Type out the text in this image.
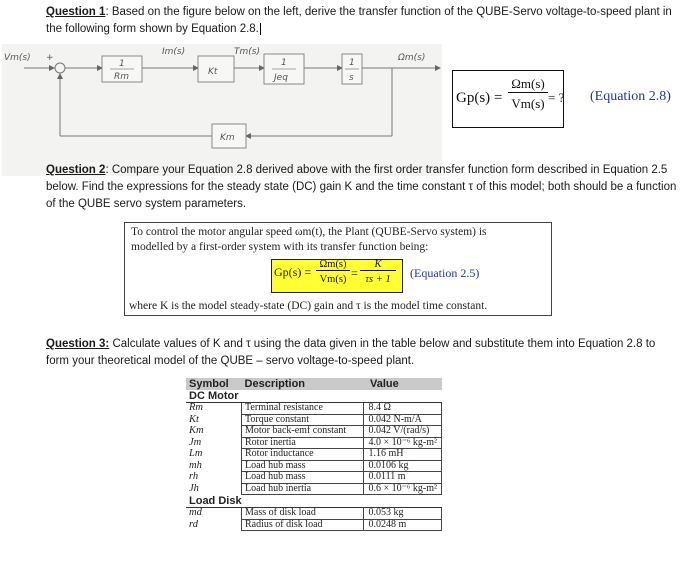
Question 1: Based on the figure below on the left, derive the transfer function of the QUBE-Servo voltage-to-speed plant in the following form shown by Equation 2.8.
Vm(s) +
1
Rm
Im(s)
Kt
Tm(s)
1
Jeq
1
s
Ωm(s)
Km
Gp(s) =
Ωm(s)
Vm(s) = ? (Equation 2.8)
Question 2: Compare your Equation 2.8 derived above with the first order transfer function form described in Equation 2.5 below. Find the expressions for the steady state (DC) gain K and the time constant τ of this model; both should be a function of the QUBE servo system parameters.
To control the motor angular speed ωm(t), the Plant (QUBE-Servo system) is
modelled by a first-order system with its transfer function being:
where K is the model steady-state (DC) gain and τ is the model time constant.
Gp(s) =
Ωm(s)
Vm(s) =
K
τs + 1	(Equation 2.5)
Question 3: Calculate values of K and τ using the data given in the table below and substitute them into Equation 2.8 to form your theoretical model of the QUBE – servo voltage-to-speed plant.
Symbol	Description	Value
DC Motor		
Rm	Terminal resistance	8.4 Ω
Kt	Torque constant	0.042 N-m/A
Km	Motor back-emf constant	0.042 V/(rad/s)
Jm	Rotor inertia	4.0 × 10⁻⁶ kg-m²
Lm	Rotor inductance	1.16 mH
mh	Load hub mass	0.0106 kg
rh	Load hub mass	0.0111 m
Jh	Load hub inertia	0.6 × 10⁻⁶ kg-m²
Load Disk		
md	Mass of disk load	0.053 kg
rd	Radius of disk load	0.0248 m
